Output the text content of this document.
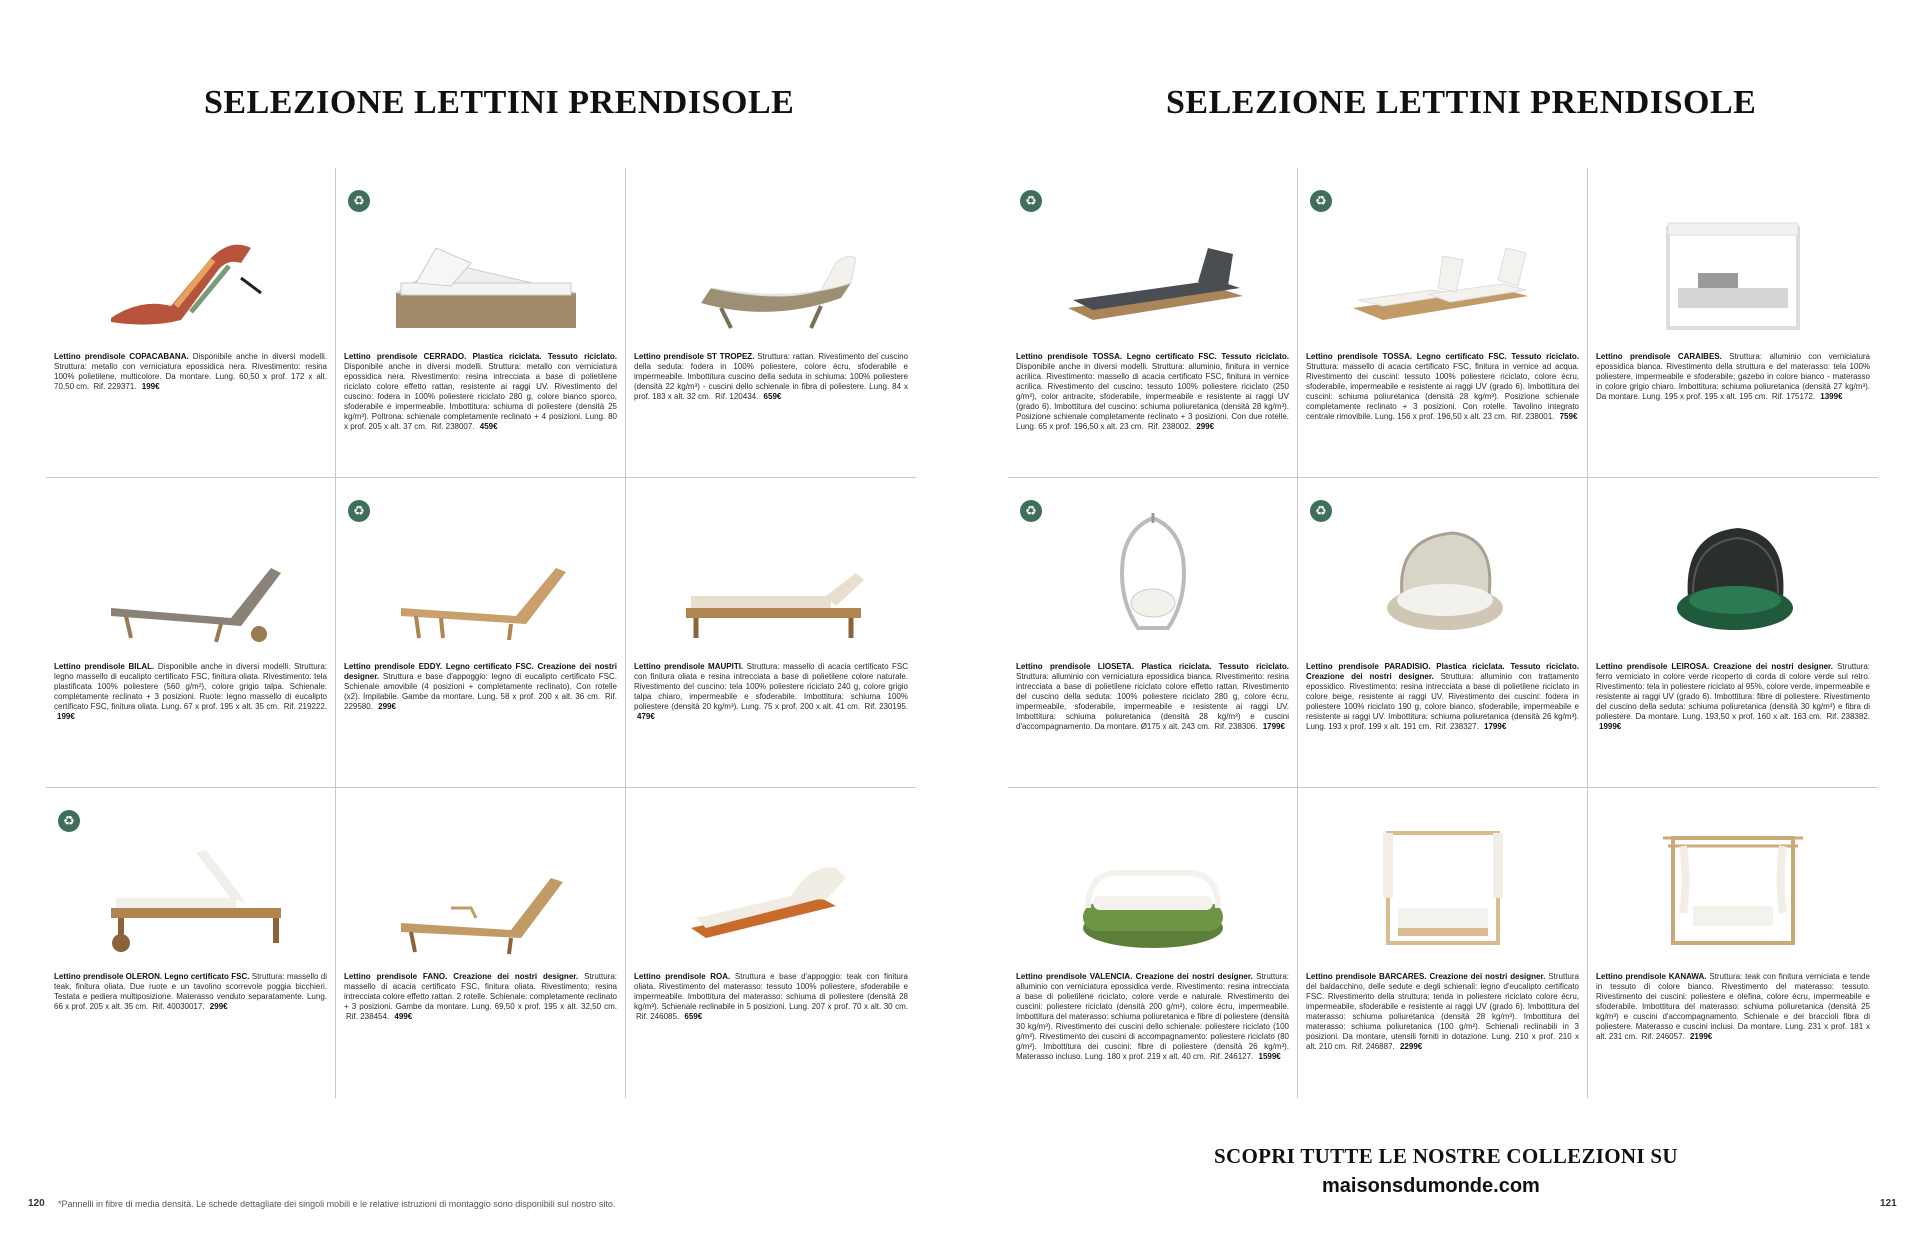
SELEZIONE LETTINI PRENDISOLE
Lettino prendisole COPACABANA. Disponibile anche in diversi modelli. Struttura: metallo con verniciatura epossidica nera. Rivestimento: resina 100% polietilene, multicolore. Da montare. Lung. 60,50 x prof. 172 x alt. 70,50 cm. Rif. 229371. 199€
♻
Lettino prendisole CERRADO. Plastica riciclata. Tessuto riciclato. Disponibile anche in diversi modelli. Struttura: metallo con verniciatura epossidica nera. Rivestimento: resina intrecciata a base di polietilene riciclato colore effetto rattan, resistente ai raggi UV. Rivestimento del cuscino: fodera in 100% poliestere riciclato 280 g, colore bianco sporco, sfoderabile e impermeabile. Imbottitura: schiuma di poliestere (densità 25 kg/m³). Poltrona: schienale completamente reclinato + 4 posizioni. Lung. 80 x prof. 205 x alt. 37 cm. Rif. 238007. 459€
Lettino prendisole ST TROPEZ. Struttura: rattan. Rivestimento del cuscino della seduta: fodera in 100% poliestere, colore écru, sfoderabile e impermeabile. Imbottitura cuscino della seduta in schiuma: 100% poliestere (densità 22 kg/m³) - cuscini dello schienale in fibra di poliestere. Lung. 84 x prof. 183 x alt. 32 cm. Rif. 120434. 659€
Lettino prendisole BILAL. Disponibile anche in diversi modelli. Struttura: legno massello di eucalipto certificato FSC, finitura oliata. Rivestimento: tela plastificata 100% poliestere (560 g/m²), colore grigio talpa. Schienale: completamente reclinato + 3 posizioni. Ruote: legno massello di eucalipto certificato FSC, finitura oliata. Lung. 67 x prof. 195 x alt. 35 cm. Rif. 219222. 199€
♻
Lettino prendisole EDDY. Legno certificato FSC. Creazione dei nostri designer. Struttura e base d'appoggio: legno di eucalipto certificato FSC. Schienale amovibile (4 posizioni + completamente reclinato). Con rotelle (x2). Impilabile. Gambe da montare. Lung. 58 x prof. 200 x alt. 36 cm. Rif. 229580. 299€
Lettino prendisole MAUPITI. Struttura: massello di acacia certificato FSC con finitura oliata e resina intrecciata a base di polietilene colore naturale. Rivestimento del cuscino: tela 100% poliestere riciclato 240 g, colore grigio talpa chiaro, impermeabile e sfoderabile. Imbottitura: schiuma 100% poliestere (densità 20 kg/m³). Lung. 75 x prof. 200 x alt. 41 cm. Rif. 230195. 479€
♻
Lettino prendisole OLERON. Legno certificato FSC. Struttura: massello di teak, finitura oliata. Due ruote e un tavolino scorrevole poggia bicchieri. Testata e pediera multiposizione. Materasso venduto separatamente. Lung. 66 x prof. 205 x alt. 35 cm. Rif. 40030017. 299€
Lettino prendisole FANO. Creazione dei nostri designer. Struttura: massello di acacia certificato FSC, finitura oliata. Rivestimento: resina intrecciata colore effetto rattan. 2 rotelle. Schienale: completamente reclinato + 3 posizioni. Gambe da montare. Lung. 69,50 x prof. 195 x alt. 32,50 cm. Rif. 238454. 499€
Lettino prendisole ROA. Struttura e base d'appoggio: teak con finitura oliata. Rivestimento del materasso: tessuto 100% poliestere, sfoderabile e impermeabile. Imbottitura del materasso: schiuma di poliestere (densità 28 kg/m³). Schienale reclinabile in 5 posizioni. Lung. 207 x prof. 70 x alt. 30 cm. Rif. 246085. 659€
SELEZIONE LETTINI PRENDISOLE
♻
Lettino prendisole TOSSA. Legno certificato FSC. Tessuto riciclato. Disponibile anche in diversi modelli. Struttura: alluminio, finitura in vernice acrilica. Rivestimento: massello di acacia certificato FSC, finitura in vernice acrilica. Rivestimento del cuscino: tessuto 100% poliestere riciclato (250 g/m²), color antracite, sfoderabile, impermeabile e resistente ai raggi UV (grado 6). Imbottitura del cuscino: schiuma poliuretanica (densità 28 kg/m³). Posizione schienale completamente reclinato + 3 posizioni. Con due rotelle. Lung. 65 x prof. 196,50 x alt. 23 cm. Rif. 238002. 299€
♻
Lettino prendisole TOSSA. Legno certificato FSC. Tessuto riciclato. Struttura: massello di acacia certificato FSC, finitura in vernice ad acqua. Rivestimento dei cuscini: tessuto 100% poliestere riciclato, colore écru, sfoderabile, impermeabile e resistente ai raggi UV (grado 6). Imbottitura dei cuscini: schiuma poliuretanica (densità 28 kg/m³). Posizione schienale completamente reclinato + 3 posizioni. Con rotelle. Tavolino integrato centrale rimovibile. Lung. 156 x prof. 196,50 x alt. 23 cm. Rif. 238001. 759€
Lettino prendisole CARAIBES. Struttura: alluminio con verniciatura epossidica bianca. Rivestimento della struttura e del materasso: tela 100% poliestere, impermeabile e sfoderabile; gazebo in colore bianco - materasso in colore grigio chiaro. Imbottitura: schiuma poliuretanica (densità 27 kg/m³). Da montare. Lung. 195 x prof. 195 x alt. 195 cm. Rif. 175172. 1399€
♻
Lettino prendisole LIOSETA. Plastica riciclata. Tessuto riciclato. Struttura: alluminio con verniciatura epossidica bianca. Rivestimento: resina intrecciata a base di polietilene riciclato colore effetto rattan. Rivestimento del cuscino della seduta: 100% poliestere riciclato 280 g, colore écru, impermeabile, sfoderabile, impermeabile e resistente ai raggi UV. Imbottitura: schiuma poliuretanica (densità 28 kg/m³) e cuscini d'accompagnamento. Da montare. Ø175 x alt. 243 cm. Rif. 238306. 1799€
♻
Lettino prendisole PARADISIO. Plastica riciclata. Tessuto riciclato. Creazione dei nostri designer. Struttura: alluminio con trattamento epossidico. Rivestimento: resina intrecciata a base di polietilene riciclato in colore beige, resistente ai raggi UV. Rivestimento dei cuscini: fodera in poliestere 100% riciclato 190 g, colore bianco, sfoderabile, impermeabile e resistente ai raggi UV. Imbottitura: schiuma poliuretanica (densità 26 kg/m³). Lung. 193 x prof. 199 x alt. 191 cm. Rif. 238327. 1799€
Lettino prendisole LEIROSA. Creazione dei nostri designer. Struttura: ferro verniciato in colore verde ricoperto di corda di colore verde sul retro. Rivestimento: tela in poliestere riciclato al 95%, colore verde, impermeabile e resistente ai raggi UV (grado 6). Imbottitura: fibre di poliestere. Rivestimento del cuscino della seduta: schiuma poliuretanica (densità 30 kg/m³) e fibra di poliestere. Da montare. Lung. 193,50 x prof. 160 x alt. 163 cm. Rif. 238382. 1999€
Lettino prendisole VALENCIA. Creazione dei nostri designer. Struttura: alluminio con verniciatura epossidica verde. Rivestimento: resina intrecciata a base di polietilene riciclato, colore verde e naturale. Rivestimento dei cuscini: poliestere riciclato (densità 200 g/m²), colore écru, impermeabile. Imbottitura del materasso: schiuma poliuretanica e fibre di poliestere (densità 30 kg/m³). Rivestimento dei cuscini dello schienale: poliestere riciclato (100 g/m²). Rivestimento dei cuscini di accompagnamento: poliestere riciclato (80 g/m²). Imbottitura dei cuscini: fibre di poliestere (densità 26 kg/m³). Materasso incluso. Lung. 180 x prof. 219 x alt. 40 cm. Rif. 246127. 1599€
Lettino prendisole BARCARES. Creazione dei nostri designer. Struttura del baldacchino, delle sedute e degli schienali: legno d'eucalipto certificato FSC. Rivestimento della struttura: tenda in poliestere riciclato colore écru, impermeabile, sfoderabile e resistente ai raggi UV (grado 6). Imbottitura del materasso: schiuma poliuretanica (densità 28 kg/m³). Imbottitura del materasso: schiuma poliuretanica (100 g/m²). Schienali reclinabili in 3 posizioni. Da montare, utensili forniti in dotazione. Lung. 210 x prof. 210 x alt. 210 cm. Rif. 246887. 2299€
Lettino prendisole KANAWA. Struttura: teak con finitura verniciata e tende in tessuto di colore bianco. Rivestimento del materasso: tessuto. Rivestimento dei cuscini: poliestere e olefina, colore écru, impermeabile e sfoderabile. Imbottitura del materasso: schiuma poliuretanica (densità 25 kg/m³) e cuscini d'accompagnamento. Schienale e dei braccioli fibra di poliestere. Materasso e cuscini inclusi. Da montare. Lung. 231 x prof. 181 x alt. 231 cm. Rif. 246057. 2199€
SCOPRI TUTTE LE NOSTRE COLLEZIONI SU
maisonsdumonde.com
120 *Pannelli in fibre di media densità. Le schede dettagliate dei singoli mobili e le relative istruzioni di montaggio sono disponibili sul nostro sito.	121
